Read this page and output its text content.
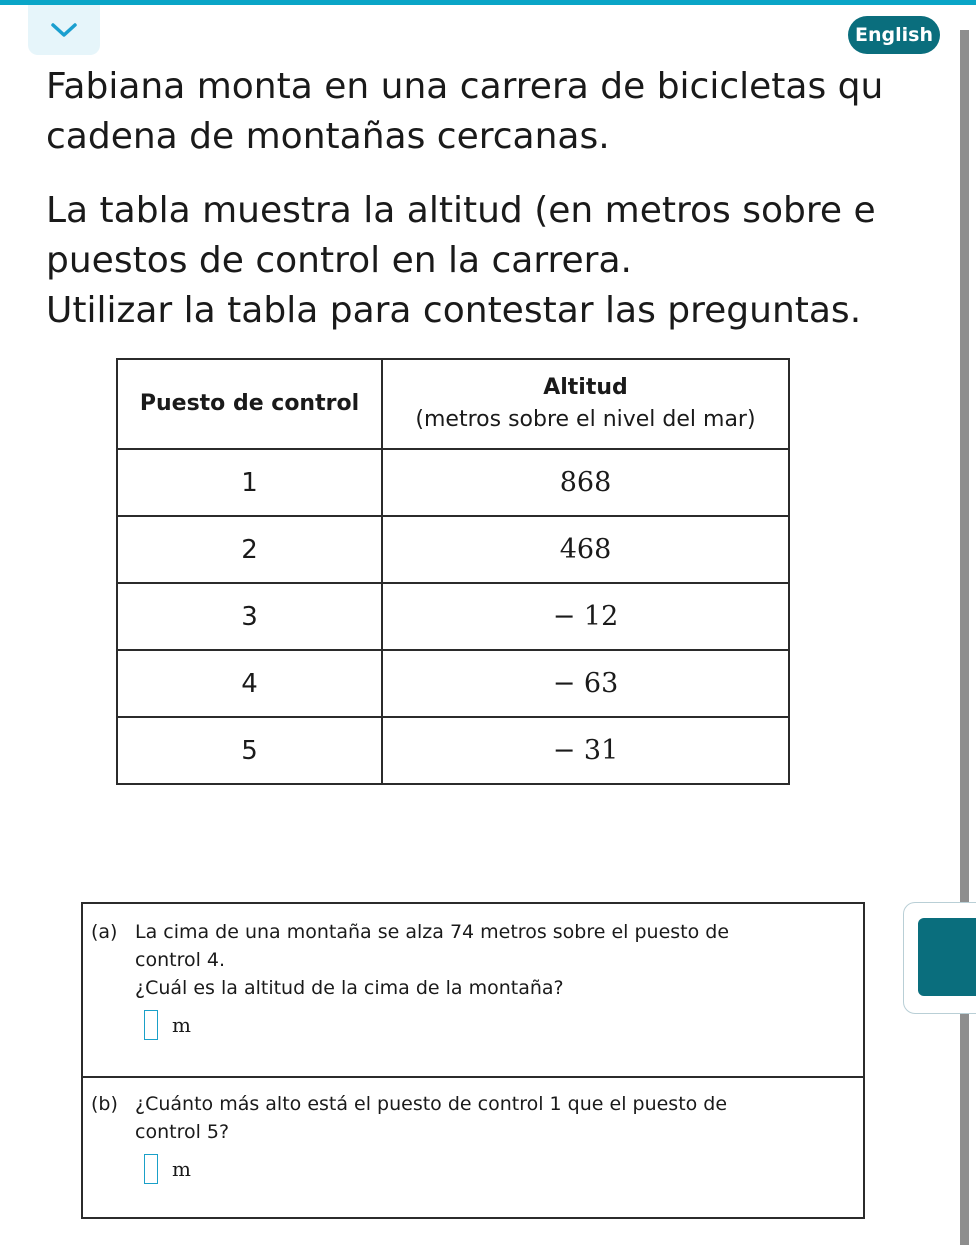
English

Fabiana monta en una carrera de bicicletas qu

cadena de montañas cercanas.

La tabla muestra la altitud (en metros sobre e

puestos de control en la carrera.

Utilizar la tabla para contestar las preguntas.

Puesto de control	Altitud
(metros sobre el nivel del mar)

1	868
2	468
3	− 12
4	− 63
5	− 31
(a) La cima de una montaña se alza 74 metros sobre el puesto de
control 4.
¿Cuál es la altitud de la cima de la montaña?
m
(b) ¿Cuánto más alto está el puesto de control 1 que el puesto de
control 5?
m
